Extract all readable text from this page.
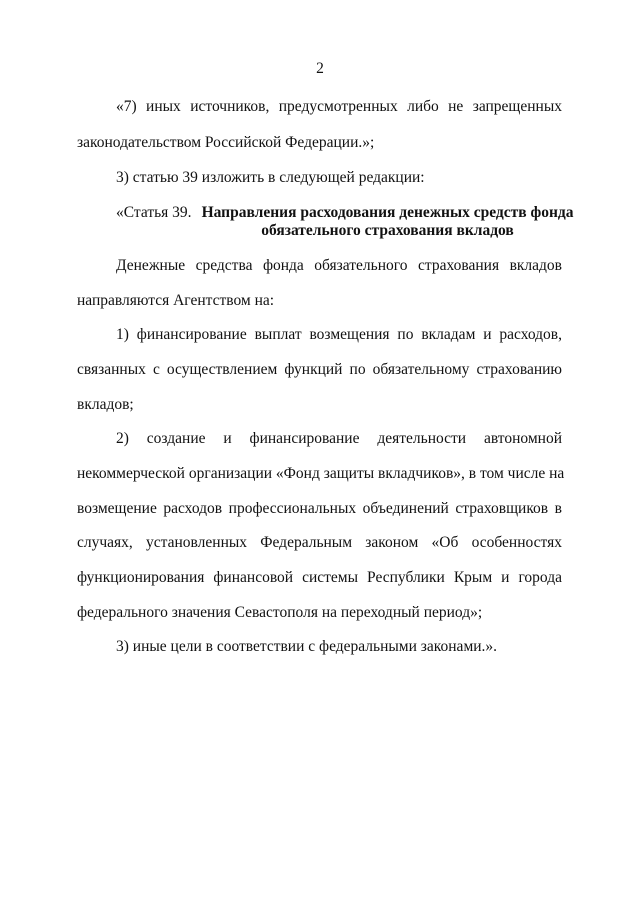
2
«7) иных источников, предусмотренных либо не запрещенных
законодательством Российской Федерации.»;
3) статью 39 изложить в следующей редакции:
«Статья 39. Направления расходования денежных средств фонда
обязательного страхования вкладов
Денежные средства фонда обязательного страхования вкладов
направляются Агентством на:
1) финансирование выплат возмещения по вкладам и расходов,
связанных с осуществлением функций по обязательному страхованию
вкладов;
2) создание и финансирование деятельности автономной
некоммерческой организации «Фонд защиты вкладчиков», в том числе на
возмещение расходов профессиональных объединений страховщиков в
случаях, установленных Федеральным законом «Об особенностях
функционирования финансовой системы Республики Крым и города
федерального значения Севастополя на переходный период»;
3) иные цели в соответствии с федеральными законами.».
